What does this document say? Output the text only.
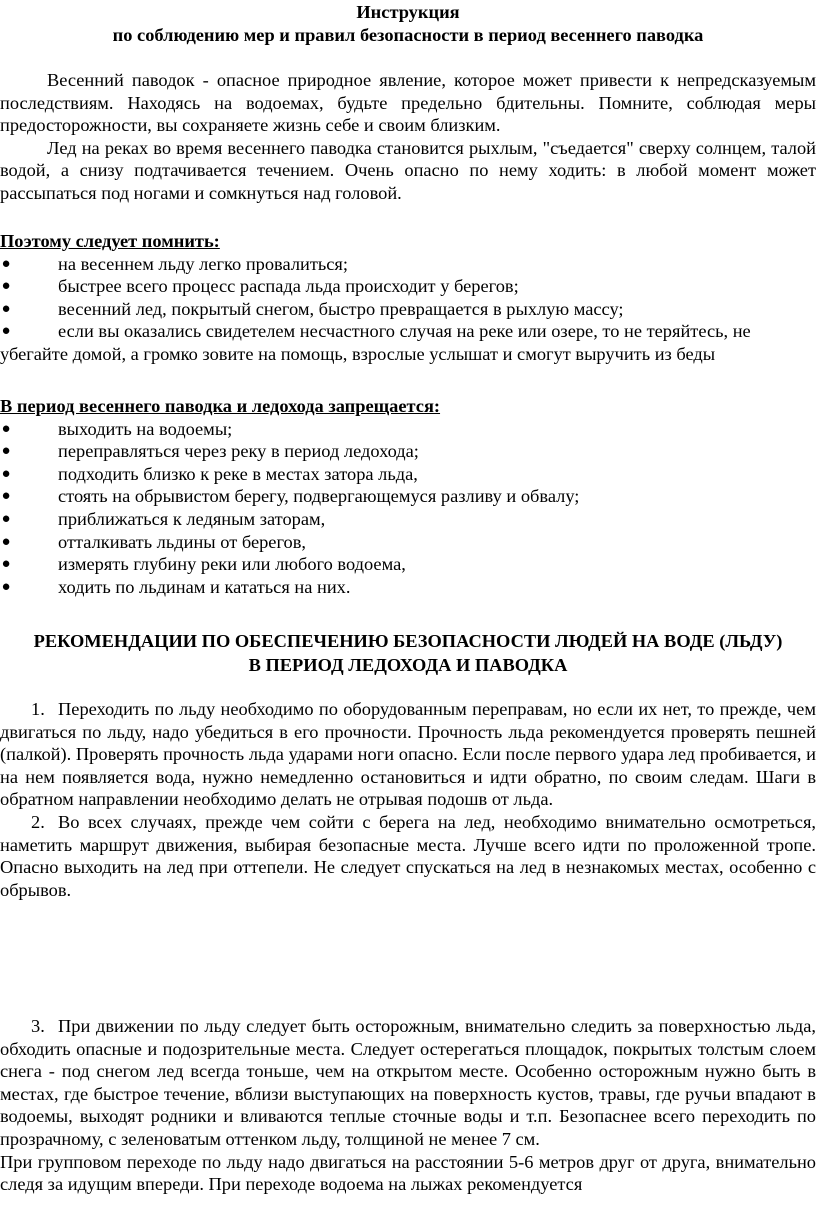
Инструкция
по соблюдению мер и правил безопасности в период весеннего паводка

Весенний паводок - опасное природное явление, которое может привести к непредсказуемым последствиям. Находясь на водоемах, будьте предельно бдительны. Помните, соблюдая меры предосторожности, вы сохраняете жизнь себе и своим близким.

Лед на реках во время весеннего паводка становится рыхлым, "съедается" сверху солнцем, талой водой, а снизу подтачивается течением. Очень опасно по нему ходить: в любой момент может рассыпаться под ногами и сомкнуться над головой.

Поэтому следует помнить:

●	на весеннем льду легко провалиться;
●	быстрее всего процесс распада льда происходит у берегов;
●	весенний лед, покрытый снегом, быстро превращается в рыхлую массу;
●	если вы оказались свидетелем несчастного случая на реке или озере, то не теряйтесь, не убегайте домой, а громко зовите на помощь, взрослые услышат и смогут выручить из беды

В период весеннего паводка и ледохода запрещается:

●	выходить на водоемы;
●	переправляться через реку в период ледохода;
●	подходить близко к реке в местах затора льда,
●	стоять на обрывистом берегу, подвергающемуся разливу и обвалу;
●	приближаться к ледяным заторам,
●	отталкивать льдины от берегов,
●	измерять глубину реки или любого водоема,
●	ходить по льдинам и кататься на них.
РЕКОМЕНДАЦИИ ПО ОБЕСПЕЧЕНИЮ БЕЗОПАСНОСТИ ЛЮДЕЙ НА ВОДЕ (ЛЬДУ)
В ПЕРИОД ЛЕДОХОДА И ПАВОДКА

1. Переходить по льду необходимо по оборудованным переправам, но если их нет, то прежде, чем двигаться по льду, надо убедиться в его прочности. Прочность льда рекомендуется проверять пешней (палкой). Проверять прочность льда ударами ноги опасно. Если после первого удара лед пробивается, и на нем появляется вода, нужно немедленно остановиться и идти обратно, по своим следам. Шаги в обратном направлении необходимо делать не отрывая подошв от льда.

2. Во всех случаях, прежде чем сойти с берега на лед, необходимо внимательно осмотреться, наметить маршрут движения, выбирая безопасные места. Лучше всего идти по проложенной тропе. Опасно выходить на лед при оттепели. Не следует спускаться на лед в незнакомых местах, особенно с обрывов.

3. При движении по льду следует быть осторожным, внимательно следить за поверхностью льда, обходить опасные и подозрительные места. Следует остерегаться площадок, покрытых толстым слоем снега - под снегом лед всегда тоньше, чем на открытом месте. Особенно осторожным нужно быть в местах, где быстрое течение, вблизи выступающих на поверхность кустов, травы, где ручьи впадают в водоемы, выходят родники и вливаются теплые сточные воды и т.п. Безопаснее всего переходить по прозрачному, с зеленоватым оттенком льду, толщиной не менее 7 см.

При групповом переходе по льду надо двигаться на расстоянии 5-6 метров друг от друга, внимательно следя за идущим впереди. При переходе водоема на лыжах рекомендуется
